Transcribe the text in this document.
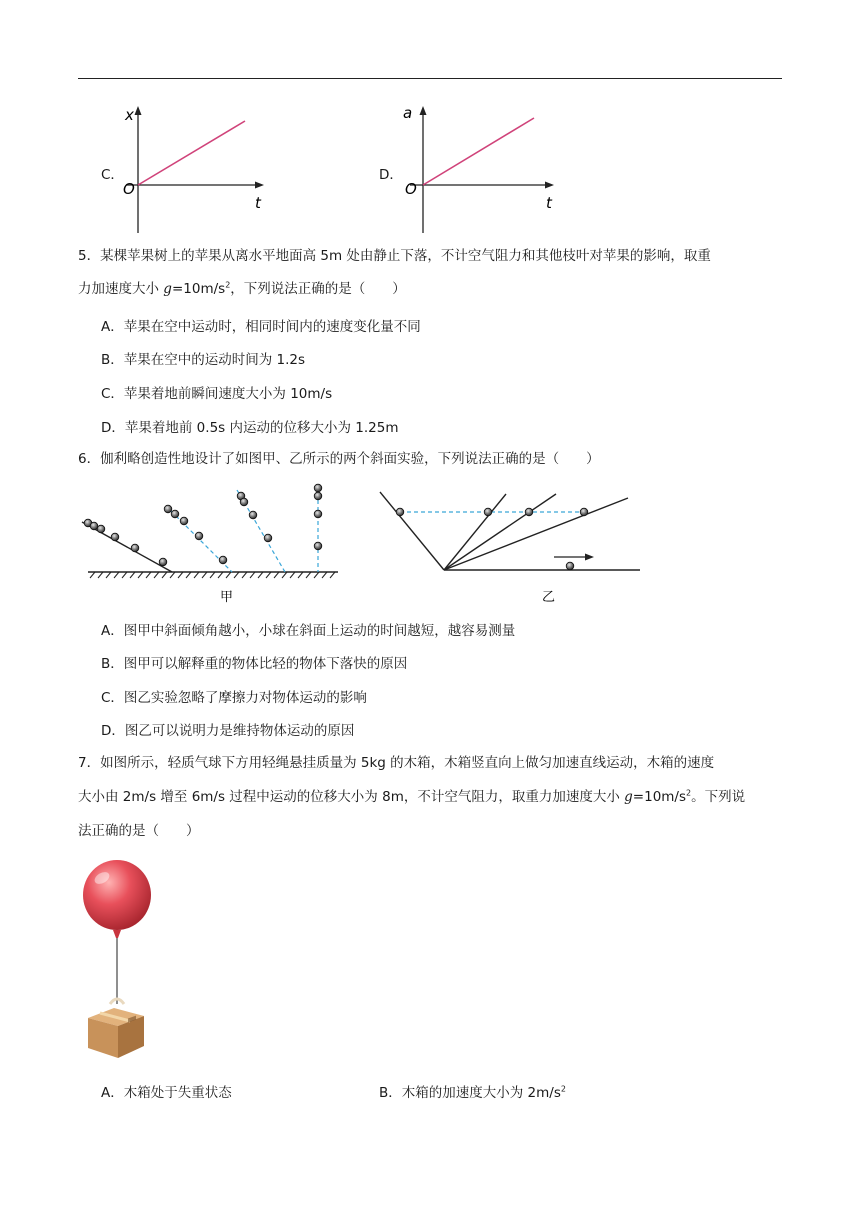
C．
x
O
t
D．
a
O
t
5．某棵苹果树上的苹果从离水平地面高 5m 处由静止下落，不计空气阻力和其他枝叶对苹果的影响，取重
力加速度大小 $g=10m/s^2$，下列说法正确的是（　　）
A．苹果在空中运动时，相同时间内的速度变化量不同
B．苹果在空中的运动时间为 1.2s
C．苹果着地前瞬间速度大小为 10m/s
D．苹果着地前 0.5s 内运动的位移大小为 1.25m
6．伽利略创造性地设计了如图甲、乙所示的两个斜面实验，下列说法正确的是（　　）
甲	乙
A．图甲中斜面倾角越小，小球在斜面上运动的时间越短，越容易测量
B．图甲可以解释重的物体比轻的物体下落快的原因
C．图乙实验忽略了摩擦力对物体运动的影响
D．图乙可以说明力是维持物体运动的原因
7．如图所示，轻质气球下方用轻绳悬挂质量为 5kg 的木箱，木箱竖直向上做匀加速直线运动，木箱的速度
大小由 2m/s 增至 6m/s 过程中运动的位移大小为 8m，不计空气阻力，取重力加速度大小 $g=10m/s^2$。下列说
法正确的是（　　）
A．木箱处于失重状态	B．木箱的加速度大小为 $2m/s^2$
